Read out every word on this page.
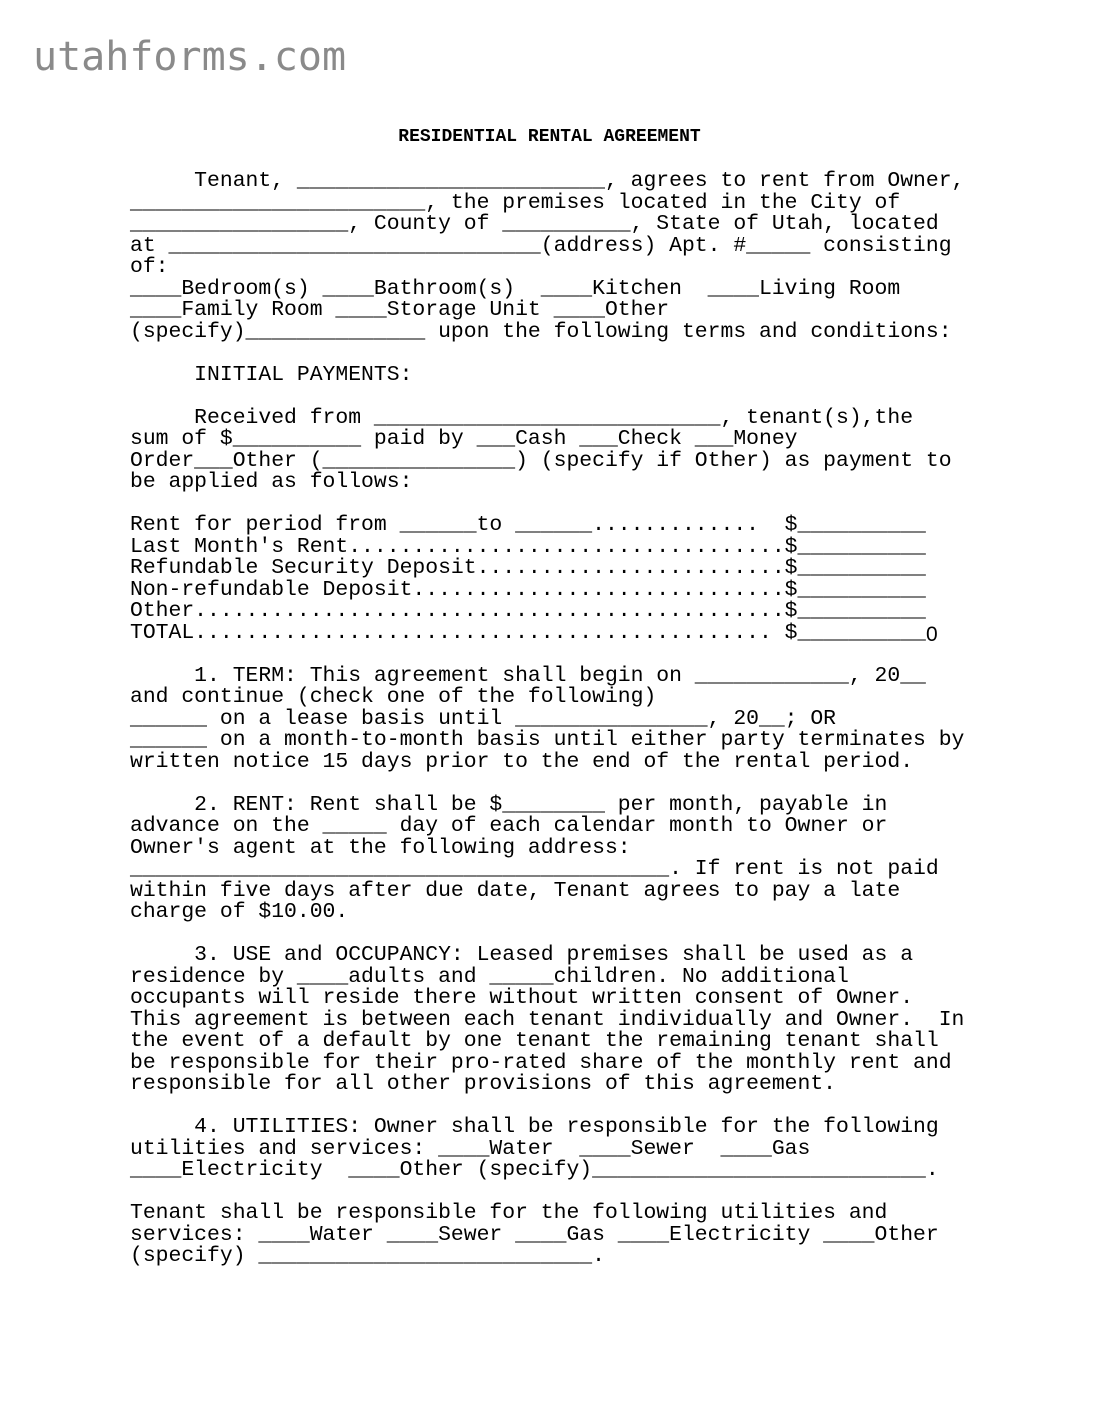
utahforms.com
RESIDENTIAL RENTAL AGREEMENT
Tenant, ________________________, agrees to rent from Owner,
_______________________, the premises located in the City of
_________________, County of __________, State of Utah, located
at _____________________________(address) Apt. #_____ consisting
of:
____Bedroom(s) ____Bathroom(s)  ____Kitchen  ____Living Room
____Family Room ____Storage Unit ____Other
(specify)______________ upon the following terms and conditions:

INITIAL PAYMENTS:

Received from ___________________________, tenant(s),the
sum of $__________ paid by ___Cash ___Check ___Money
Order___Other (_______________) (specify if Other) as payment to
be applied as follows:

Rent for period from ______to ______.............  $__________
Last Month's Rent..................................$__________
Refundable Security Deposit........................$__________
Non-refundable Deposit.............................$__________
Other..............................................$__________
TOTAL............................................. $__________

1. TERM: This agreement shall begin on ____________, 20__
and continue (check one of the following)
______ on a lease basis until _______________, 20__; OR
______ on a month-to-month basis until either party terminates by
written notice 15 days prior to the end of the rental period.

2. RENT: Rent shall be $________ per month, payable in
advance on the _____ day of each calendar month to Owner or
Owner's agent at the following address:
__________________________________________. If rent is not paid
within five days after due date, Tenant agrees to pay a late
charge of $10.00.

3. USE and OCCUPANCY: Leased premises shall be used as a
residence by ____adults and _____children. No additional
occupants will reside there without written consent of Owner.
This agreement is between each tenant individually and Owner.  In
the event of a default by one tenant the remaining tenant shall
be responsible for their pro-rated share of the monthly rent and
responsible for all other provisions of this agreement.

4. UTILITIES: Owner shall be responsible for the following
utilities and services: ____Water  ____Sewer  ____Gas
____Electricity  ____Other (specify)__________________________.

Tenant shall be responsible for the following utilities and
services: ____Water ____Sewer ____Gas ____Electricity ____Other
(specify) __________________________.
0
